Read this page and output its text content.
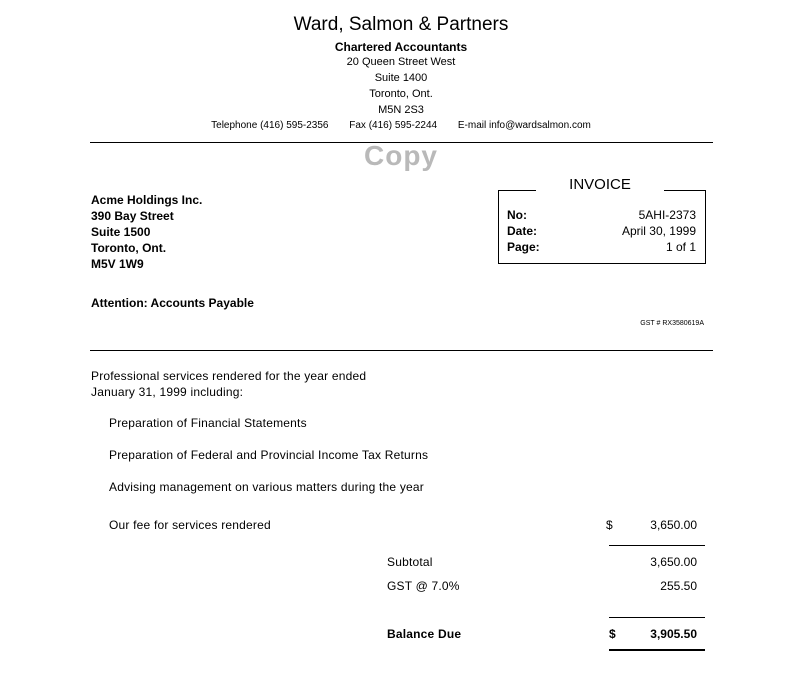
Ward, Salmon & Partners
Chartered Accountants
20 Queen Street West
Suite 1400
Toronto, Ont.
M5N 2S3
Telephone (416) 595-2356 Fax (416) 595-2244 E-mail info@wardsalmon.com
Copy
Acme Holdings Inc.
390 Bay Street
Suite 1500
Toronto, Ont.
M5V 1W9
INVOICE
No:	5AHI-2373
Date:	April 30, 1999
Page:	1 of 1
Attention: Accounts Payable
GST # RX3580619A
Professional services rendered for the year ended
January 31, 1999 including:
Preparation of Financial Statements
Preparation of Federal and Provincial Income Tax Returns
Advising management on various matters during the year
Our fee for services rendered	$	3,650.00
Subtotal	3,650.00
GST @ 7.0%	255.50
Balance Due	$	3,905.50
